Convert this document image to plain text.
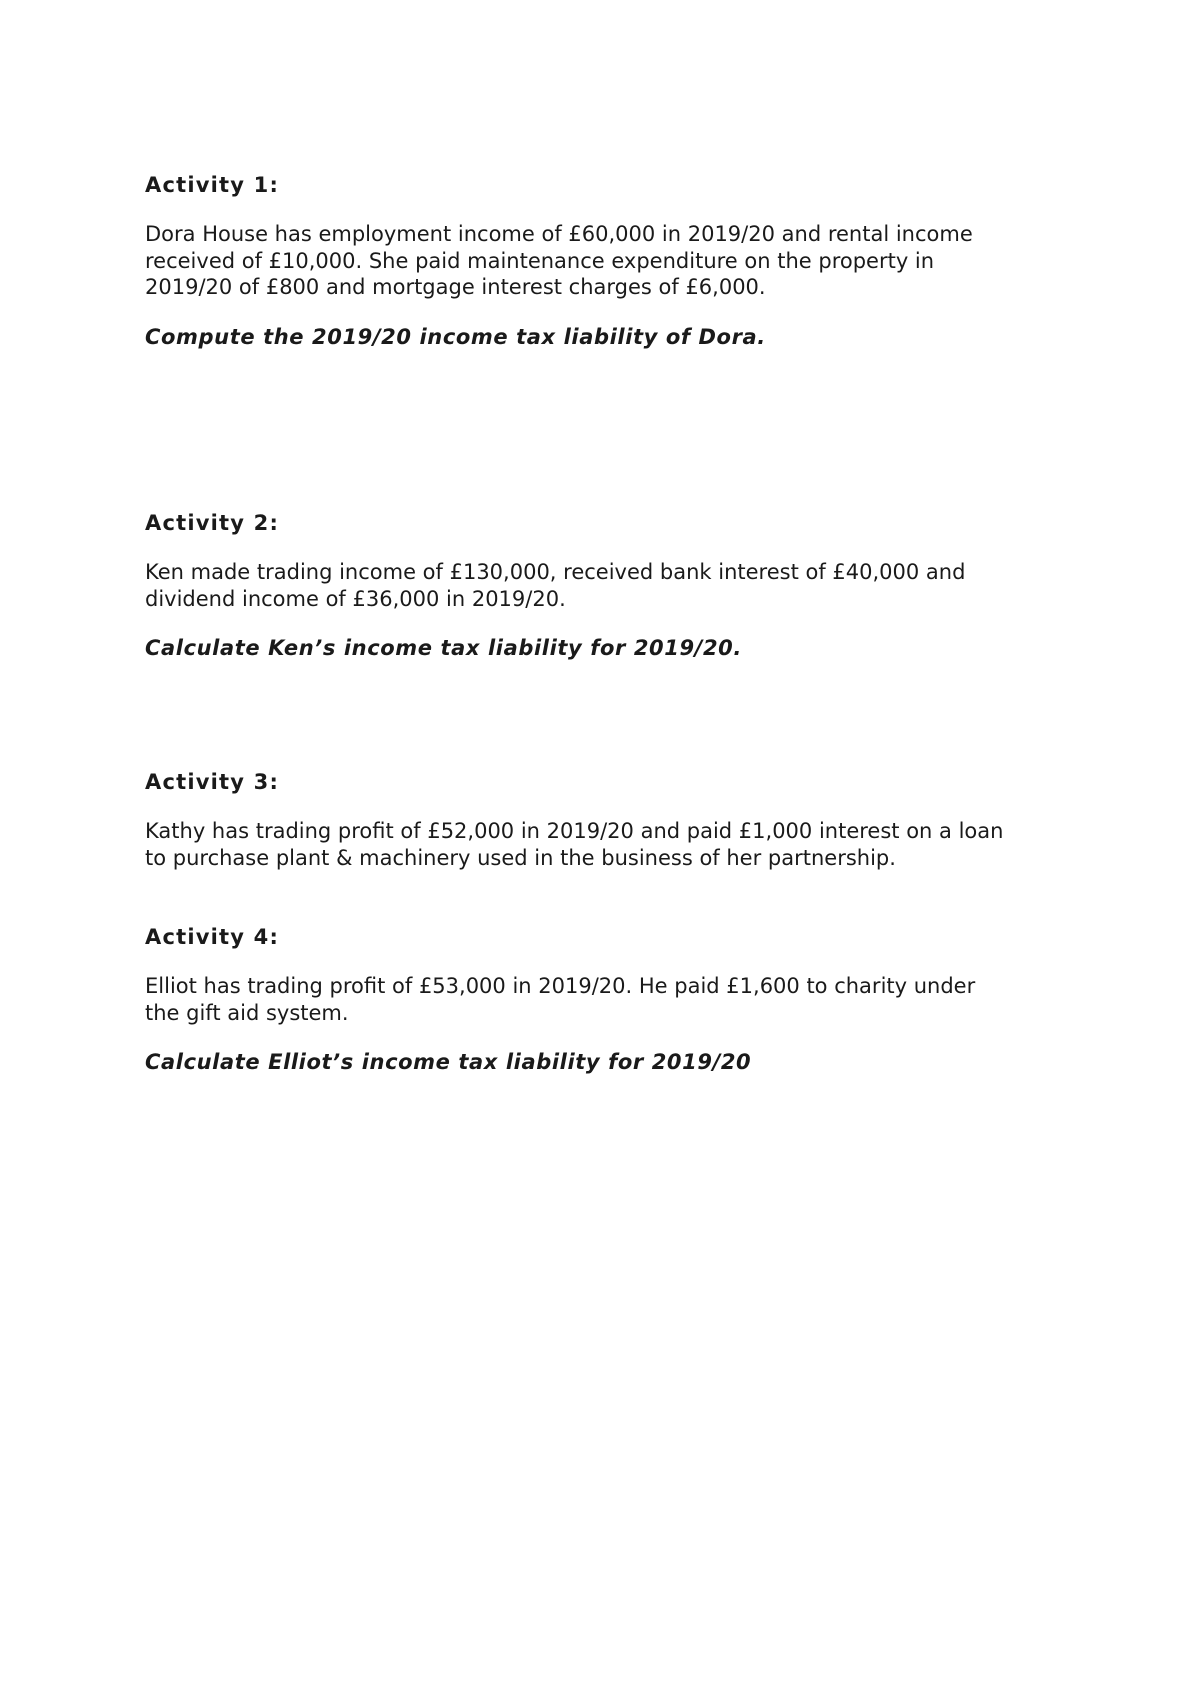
Activity 1:

Dora House has employment income of £60,000 in 2019/20 and rental income
received of £10,000. She paid maintenance expenditure on the property in
2019/20 of £800 and mortgage interest charges of £6,000.

Compute the 2019/20 income tax liability of Dora.

Activity 2:

Ken made trading income of £130,000, received bank interest of £40,000 and
dividend income of £36,000 in 2019/20.

Calculate Ken’s income tax liability for 2019/20.

Activity 3:

Kathy has trading profit of £52,000 in 2019/20 and paid £1,000 interest on a loan
to purchase plant & machinery used in the business of her partnership.

Activity 4:

Elliot has trading profit of £53,000 in 2019/20. He paid £1,600 to charity under
the gift aid system.

Calculate Elliot’s income tax liability for 2019/20
